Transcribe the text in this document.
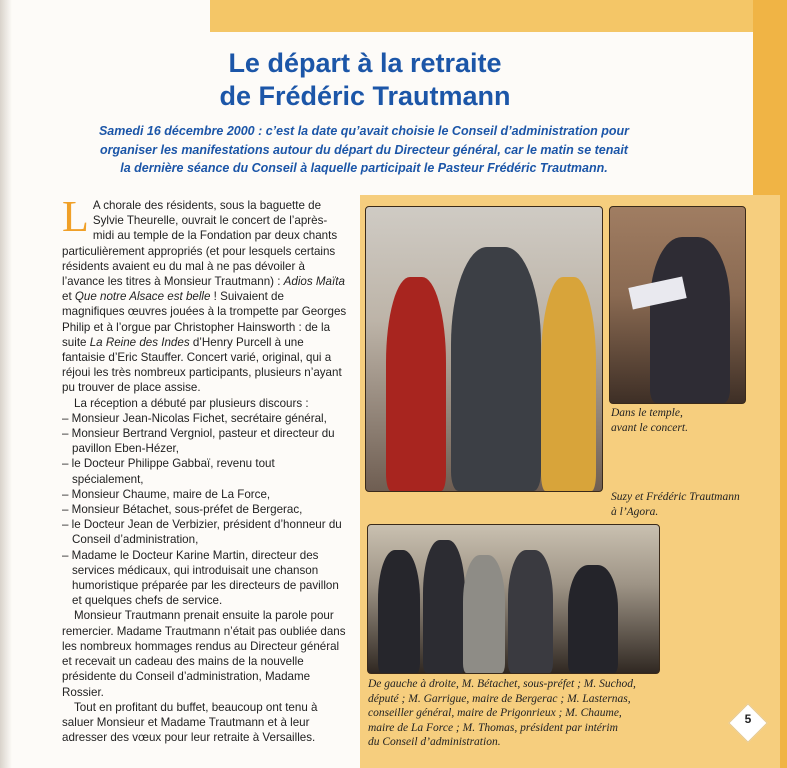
Le départ à la retraite
de Frédéric Trautmann
Samedi 16 décembre 2000 : c’est la date qu’avait choisie le Conseil d’administration pour
organiser les manifestations autour du départ du Directeur général, car le matin se tenait
la dernière séance du Conseil à laquelle participait le Pasteur Frédéric Trautmann.

L A chorale des résidents, sous la baguette de Sylvie Theurelle, ouvrait le concert de l’après-midi au temple de la Fondation par deux chants particulièrement appropriés (et pour lesquels certains résidents avaient eu du mal à ne pas dévoiler à l’avance les titres à Monsieur Trautmann) : Adios Maïta et Que notre Alsace est belle ! Suivaient de magnifiques œuvres jouées à la trompette par Georges Philip et à l’orgue par Christopher Hainsworth : de la suite La Reine des Indes d’Henry Purcell à une fantaisie d’Eric Stauffer. Concert varié, original, qui a réjoui les très nombreux participants, plusieurs n’ayant pu trouver de place assise.

La réception a débuté par plusieurs discours :

– Monsieur Jean-Nicolas Fichet, secrétaire général,
– Monsieur Bertrand Vergniol, pasteur et directeur du pavillon Eben-Hézer,
– le Docteur Philippe Gabbaï, revenu tout spécialement,
– Monsieur Chaume, maire de La Force,
– Monsieur Bétachet, sous-préfet de Bergerac,
– le Docteur Jean de Verbizier, président d’honneur du Conseil d’administration,
– Madame le Docteur Karine Martin, directeur des services médicaux, qui introduisait une chanson humoristique préparée par les directeurs de pavillon et quelques chefs de service.

Monsieur Trautmann prenait ensuite la parole pour remercier. Madame Trautmann n’était pas oubliée dans les nombreux hommages rendus au Directeur général et recevait un cadeau des mains de la nouvelle présidente du Conseil d’administration, Madame Rossier.

Tout en profitant du buffet, beaucoup ont tenu à saluer Monsieur et Madame Trautmann et à leur adresser des vœux pour leur retraite à Versailles.

Dans le temple,
avant le concert.
Suzy et Frédéric Trautmann
à l’Agora.
De gauche à droite, M. Bétachet, sous-préfet ; M. Suchod,
député ; M. Garrigue, maire de Bergerac ; M. Lasternas,
conseiller général, maire de Prigonrieux ; M. Chaume,
maire de La Force ; M. Thomas, président par intérim
du Conseil d’administration.
5
